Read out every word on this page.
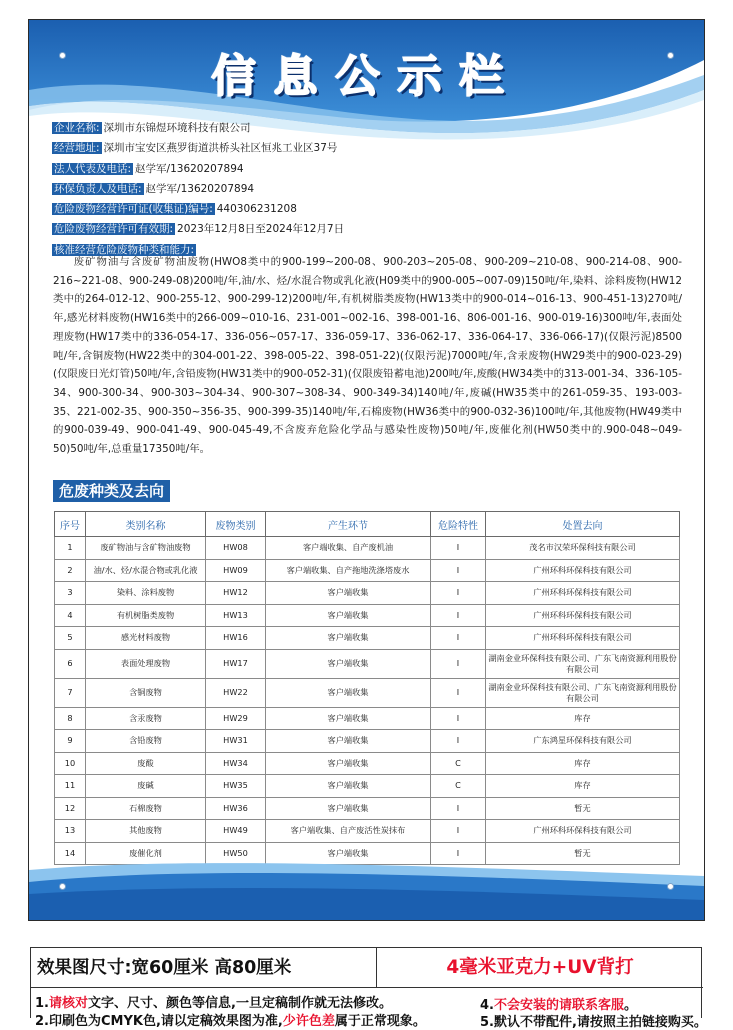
信息公示栏
企业名称: 深圳市东锦煜环境科技有限公司
经营地址: 深圳市宝安区燕罗街道洪桥头社区恒兆工业区37号
法人代表及电话: 赵学军/13620207894
环保负责人及电话: 赵学军/13620207894
危险废物经营许可证(收集证)编号: 440306231208
危险废物经营许可有效期: 2023年12月8日至2024年12月7日
核准经营危险废物种类和能力:
废矿物油与含废矿物油废物(HWO8类中的900-199~200-08、900-203~205-08、900-209~210-08、900-214-08、900-216~221-08、900-249-08)200吨/年,油/水、烃/水混合物或乳化液(H09类中的900-005~007-09)150吨/年,染料、涂料废物(HW12类中的264-012-12、900-255-12、900-299-12)200吨/年,有机树脂类废物(HW13类中的900-014~016-13、900-451-13)270吨/年,感光材料废物(HW16类中的266-009~010-16、231-001~002-16、398-001-16、806-001-16、900-019-16)300吨/年,表面处理废物(HW17类中的336-054-17、336-056~057-17、336-059-17、336-062-17、336-064-17、336-066-17)(仅限污泥)8500吨/年,含铜废物(HW22类中的304-001-22、398-005-22、398-051-22)(仅限污泥)7000吨/年,含汞废物(HW29类中的900-023-29)(仅限废日光灯管)50吨/年,含铅废物(HW31类中的900-052-31)(仅限废铅蓄电池)200吨/年,废酸(HW34类中的313-001-34、336-105-34、900-300-34、900-303~304-34、900-307~308-34、900-349-34)140吨/年,废碱(HW35类中的261-059-35、193-003-35、221-002-35、900-350~356-35、900-399-35)140吨/年,石棉废物(HW36类中的900-032-36)100吨/年,其他废物(HW49类中的900-039-49、900-041-49、900-045-49,不含废弃危险化学品与感染性废物)50吨/年,废催化剂(HW50类中的.900-048~049-50)50吨/年,总重量17350吨/年。
危废种类及去向
序号	类别名称	废物类别	产生环节	危险特性	处置去向
1	废矿物油与含矿物油废物	HW08	客户端收集、自产废机油	I	茂名市汉荣环保科技有限公司
2	油/水、烃/水混合物或乳化液	HW09	客户端收集、自产拖地洗涤塔废水	I	广州环科环保科技有限公司
3	染料、涂料废物	HW12	客户端收集	I	广州环科环保科技有限公司
4	有机树脂类废物	HW13	客户端收集	I	广州环科环保科技有限公司
5	感光材料废物	HW16	客户端收集	I	广州环科环保科技有限公司
6	表面处理废物	HW17	客户端收集	I	湖南金业环保科技有限公司、广东飞南资源利用股份有限公司
7	含铜废物	HW22	客户端收集	I	湖南金业环保科技有限公司、广东飞南资源利用股份有限公司
8	含汞废物	HW29	客户端收集	I	库存
9	含铅废物	HW31	客户端收集	I	广东鸿星环保科技有限公司
10	废酸	HW34	客户端收集	C	库存
11	废碱	HW35	客户端收集	C	库存
12	石棉废物	HW36	客户端收集	I	暂无
13	其他废物	HW49	客户端收集、自产废活性炭抹布	I	广州环科环保科技有限公司
14	废催化剂	HW50	客户端收集	I	暂无
效果图尺寸:宽60厘米 高80厘米	4毫米亚克力+UV背打
1.请核对文字、尺寸、颜色等信息,一旦定稿制作就无法修改。
2.印刷色为CMYK色,请以定稿效果图为准,少许色差属于正常现象。
4.不会安装的请联系客服。
5.默认不带配件,请按照主拍链接购买。
